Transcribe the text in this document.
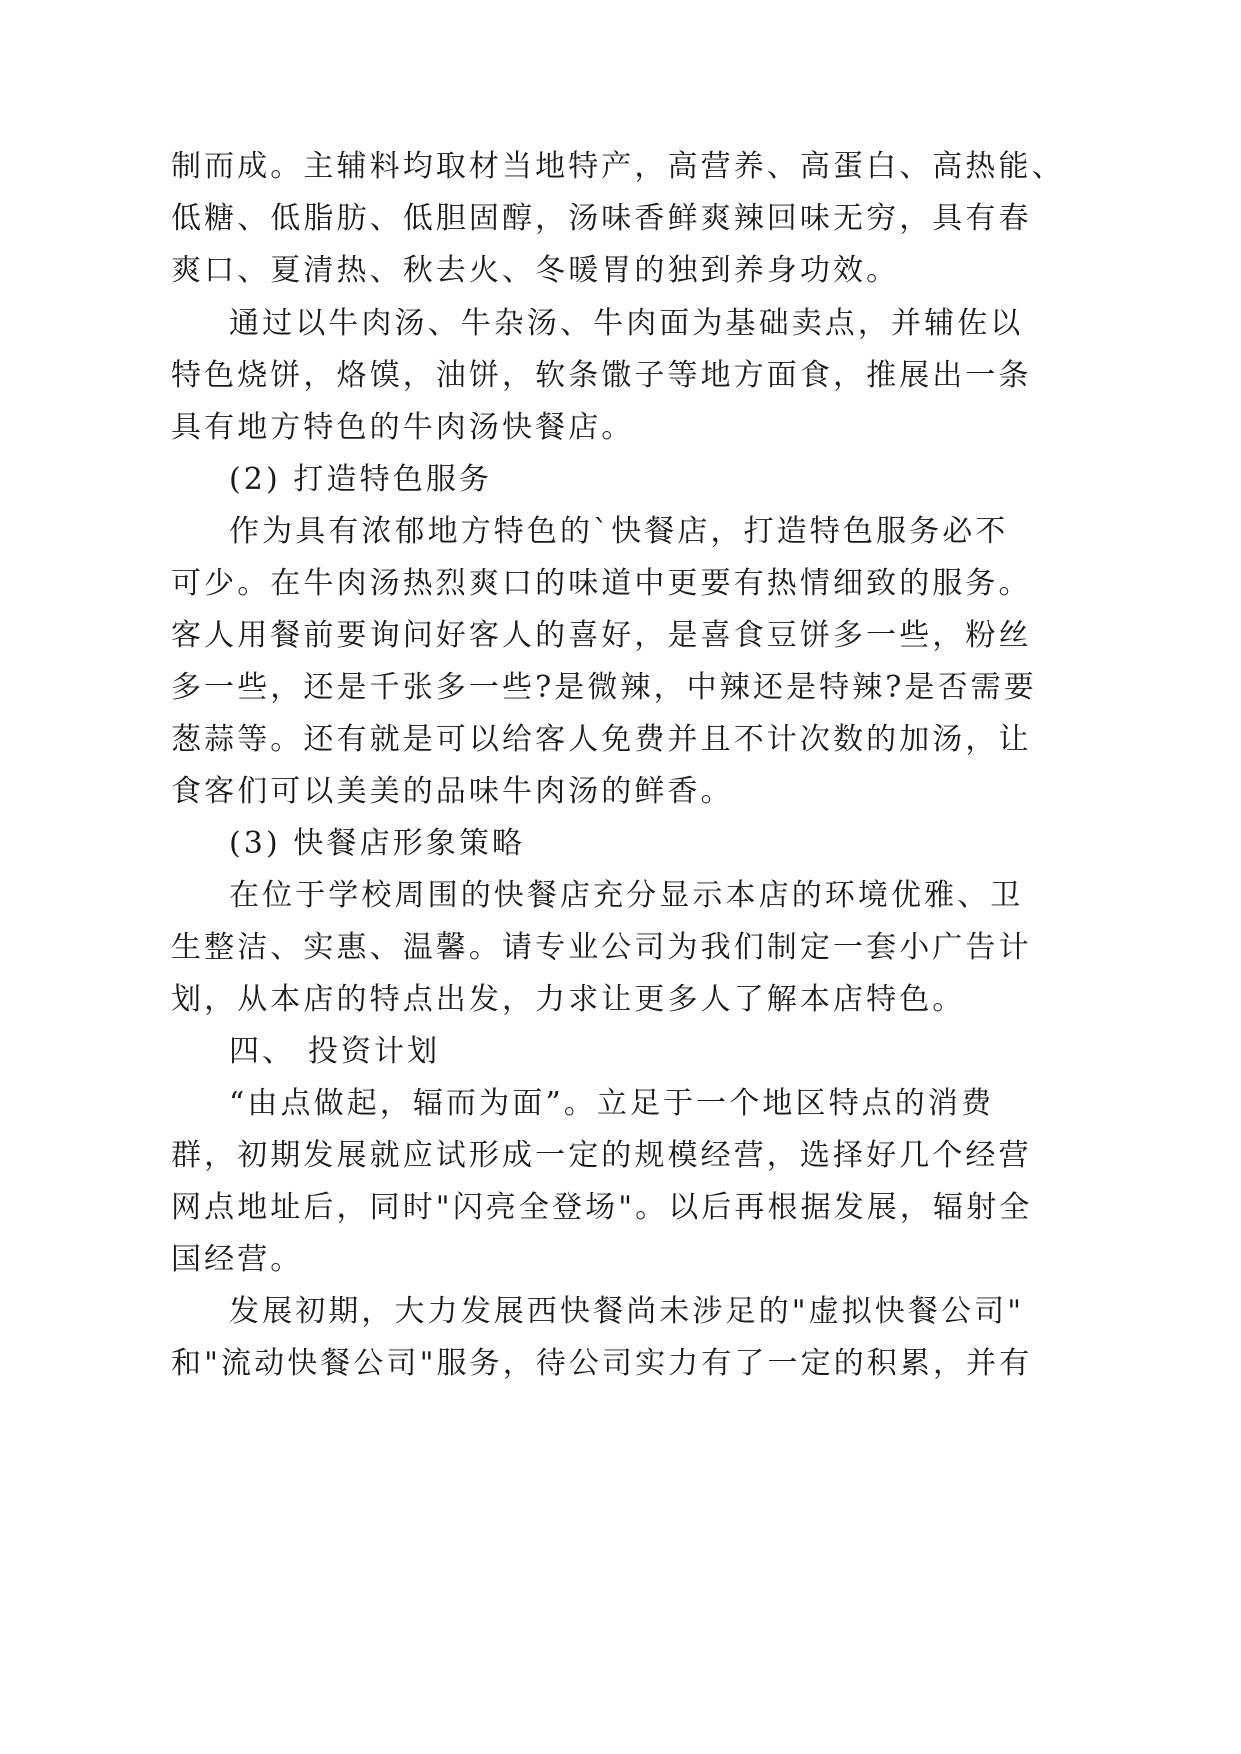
制而成。主辅料均取材当地特产，高营养、高蛋白、高热能、
低糖、低脂肪、低胆固醇，汤味香鲜爽辣回味无穷，具有春
爽口、夏清热、秋去火、冬暖胃的独到养身功效。
通过以牛肉汤、牛杂汤、牛肉面为基础卖点，并辅佐以
特色烧饼，烙馍，油饼，软条馓子等地方面食，推展出一条
具有地方特色的牛肉汤快餐店。
(2) 打造特色服务
作为具有浓郁地方特色的`快餐店，打造特色服务必不
可少。在牛肉汤热烈爽口的味道中更要有热情细致的服务。
客人用餐前要询问好客人的喜好，是喜食豆饼多一些，粉丝
多一些，还是千张多一些?是微辣，中辣还是特辣?是否需要
葱蒜等。还有就是可以给客人免费并且不计次数的加汤，让
食客们可以美美的品味牛肉汤的鲜香。
(3) 快餐店形象策略
在位于学校周围的快餐店充分显示本店的环境优雅、卫
生整洁、实惠、温馨。请专业公司为我们制定一套小广告计
划，从本店的特点出发，力求让更多人了解本店特色。
四、 投资计划
“由点做起，辐而为面”。立足于一个地区特点的消费
群，初期发展就应试形成一定的规模经营，选择好几个经营
网点地址后，同时"闪亮全登场"。以后再根据发展，辐射全
国经营。
发展初期，大力发展西快餐尚未涉足的"虚拟快餐公司"
和"流动快餐公司"服务，待公司实力有了一定的积累，并有
